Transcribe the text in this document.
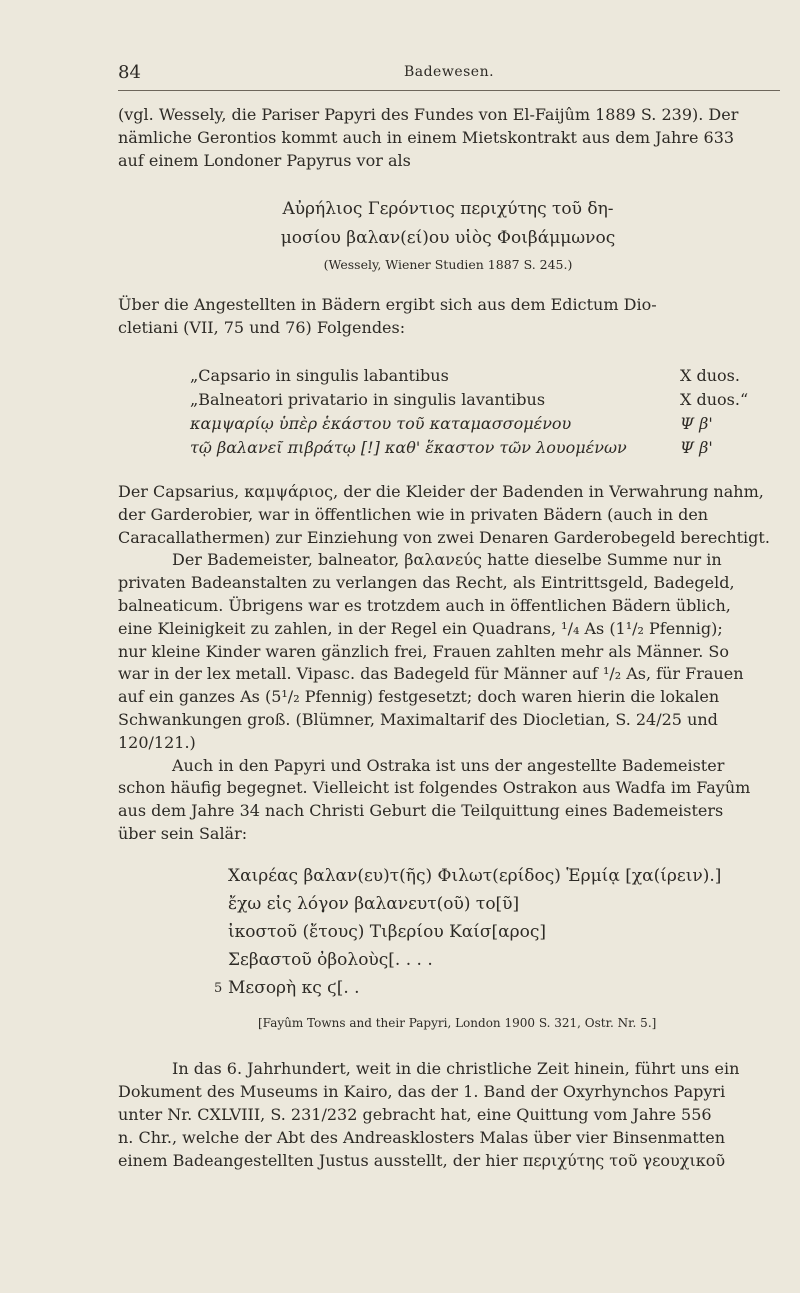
84	Badewesen.
(vgl. Wessely, die Pariser Papyri des Fundes von El-Faijûm 1889 S. 239). Der
nämliche Gerontios kommt auch in einem Mietskontrakt aus dem Jahre 633
auf einem Londoner Papyrus vor als
Αὐρήλιος Γερόντιος περιχύτης τοῦ δη-
μοσίου βαλαν(εί)ου υἱὸς Φοιβάμμωνος
(Wessely, Wiener Studien 1887 S. 245.)
Über die Angestellten in Bädern ergibt sich aus dem Edictum Dio-
cletiani (VII, 75 und 76) Folgendes:
„Capsario in singulis labantibus	X duos.
„Balneatori privatario in singulis lavantibus	X duos.“
καμψαρίῳ ὑπὲρ ἑκάστου τοῦ καταμασσομένου	Ψ β'
τῷ βαλανεῖ πιβράτῳ [!] καθ' ἕκαστον τῶν λουομένων	Ψ β'
Der Capsarius, καμψάριος, der die Kleider der Badenden in Verwahrung nahm,
der Garderobier, war in öffentlichen wie in privaten Bädern (auch in den
Caracallathermen) zur Einziehung von zwei Denaren Garderobegeld berechtigt.
Der Bademeister, balneator, βαλανεύς hatte dieselbe Summe nur in
privaten Badeanstalten zu verlangen das Recht, als Eintrittsgeld, Badegeld,
balneaticum. Übrigens war es trotzdem auch in öffentlichen Bädern üblich,
eine Kleinigkeit zu zahlen, in der Regel ein Quadrans, ¹/₄ As (1¹/₂ Pfennig);
nur kleine Kinder waren gänzlich frei, Frauen zahlten mehr als Männer. So
war in der lex metall. Vipasc. das Badegeld für Männer auf ¹/₂ As, für Frauen
auf ein ganzes As (5¹/₂ Pfennig) festgesetzt; doch waren hierin die lokalen
Schwankungen groß. (Blümner, Maximaltarif des Diocletian, S. 24/25 und
120/121.)
Auch in den Papyri und Ostraka ist uns der angestellte Bademeister
schon häufig begegnet. Vielleicht ist folgendes Ostrakon aus Wadfa im Fayûm
aus dem Jahre 34 nach Christi Geburt die Teilquittung eines Bademeisters
über sein Salär:
Χαιρέας βαλαν(ευ)τ(ῆς) Φιλωτ(ερίδος) Ἑρμίᾳ [χα(ίρειν).]
ἔχω εἰς λόγον βαλανευτ(οῦ) το[ῦ]
ἰκοστοῦ (ἔτους) Τιβερίου Καίσ[αρος]
Σεβαστοῦ ὀβολοὺς[. . . .
5 Μεσορὴ κς ϛ[. .
[Fayûm Towns and their Papyri, London 1900 S. 321, Ostr. Nr. 5.]
In das 6. Jahrhundert, weit in die christliche Zeit hinein, führt uns ein
Dokument des Museums in Kairo, das der 1. Band der Oxyrhynchos Papyri
unter Nr. CXLVIII, S. 231/232 gebracht hat, eine Quittung vom Jahre 556
n. Chr., welche der Abt des Andreasklosters Malas über vier Binsenmatten
einem Badeangestellten Justus ausstellt, der hier περιχύτης τοῦ γεουχικοῦ
